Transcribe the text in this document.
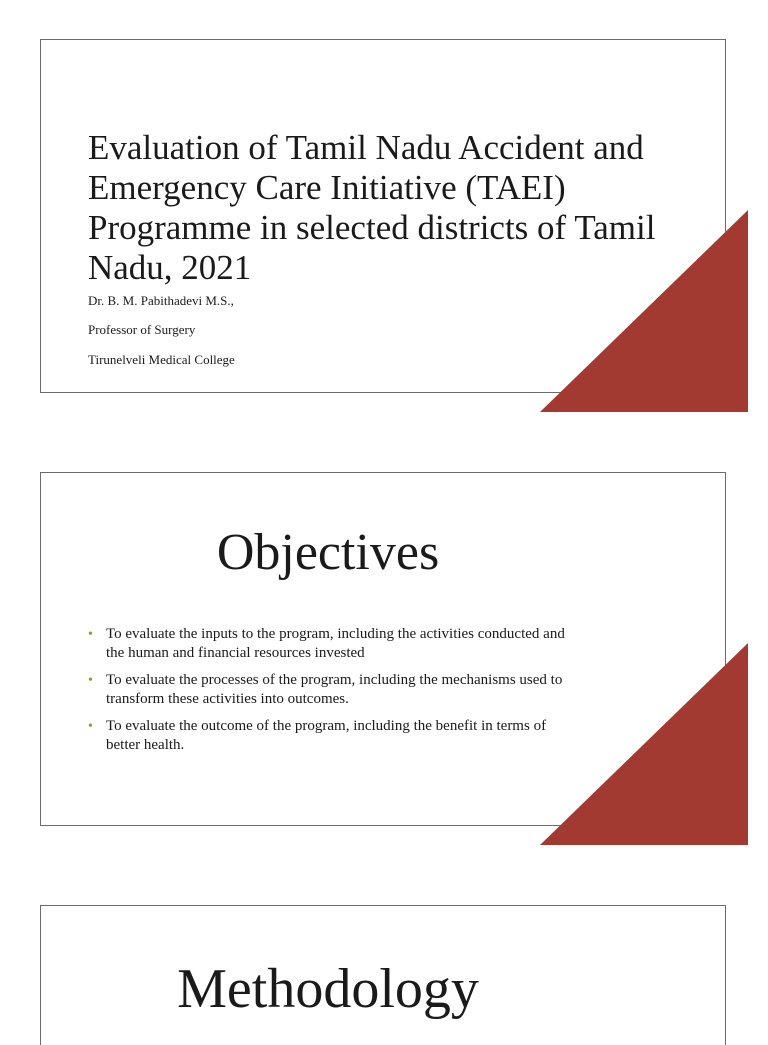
Evaluation of Tamil Nadu Accident and Emergency Care Initiative (TAEI) Programme in selected districts of Tamil Nadu, 2021

Dr. B. M. Pabithadevi M.S.,

Professor of Surgery

Tirunelveli Medical College

Objectives
• To evaluate the inputs to the program, including the activities conducted and the human and financial resources invested
• To evaluate the processes of the program, including the mechanisms used to transform these activities into outcomes.
• To evaluate the outcome of the program, including the benefit in terms of better health.
Methodology
